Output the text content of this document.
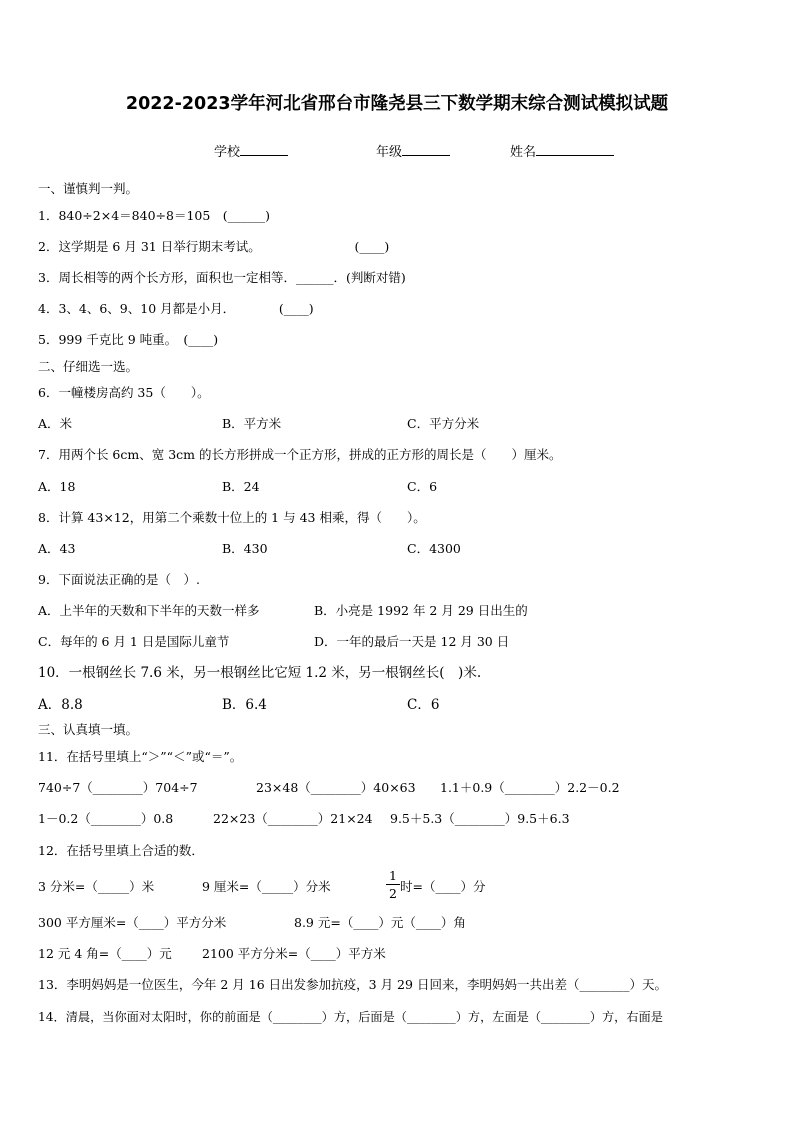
2022-2023学年河北省邢台市隆尧县三下数学期末综合测试模拟试题
学校	年级	姓名
一、谨慎判一判。
1．840÷2×4＝840÷8＝105　(______)
2．这学期是 6 月 31 日举行期末考试。　　　　　　　　(____)
3．周长相等的两个长方形，面积也一定相等．______．(判断对错)
4．3、4、6、9、10 月都是小月．　　　　(____)
5．999 千克比 9 吨重。　(____)
二、仔细选一选。
6．一幢楼房高约 35（　　）。
A．米	B．平方米	C．平方分米
7．用两个长 6cm、宽 3cm 的长方形拼成一个正方形，拼成的正方形的周长是（　　）厘米。
A．18	B．24	C．6
8．计算 43×12，用第二个乘数十位上的 1 与 43 相乘，得（　　）。
A．43	B．430	C．4300
9．下面说法正确的是（　）.
A．上半年的天数和下半年的天数一样多	B．小亮是 1992 年 2 月 29 日出生的
C．每年的 6 月 1 日是国际儿童节	D．一年的最后一天是 12 月 30 日
10．一根钢丝长 7.6 米，另一根钢丝比它短 1.2 米，另一根钢丝长(　)米.
A．8.8	B．6.4	C．6
三、认真填一填。
11．在括号里填上“＞”“＜”或“＝”。
740÷7（________）704÷7	23×48（________）40×63 1.1＋0.9（________）2.2－0.2
1－0.2（________）0.8	22×23（________）21×24 9.5＋5.3（________）9.5＋6.3
12．在括号里填上合适的数．
3 分米=（_____）米	9 厘米=（_____）分米
1
2 时=（____）分
300 平方厘米=（____）平方分米	8.9 元=（____）元（____）角
12 元 4 角=（____）元 2100 平方分米=（____）平方米
13．李明妈妈是一位医生，今年 2 月 16 日出发参加抗疫，3 月 29 日回来，李明妈妈一共出差（________）天。
14．清晨，当你面对太阳时，你的前面是（________）方，后面是（________）方，左面是（________）方，右面是
